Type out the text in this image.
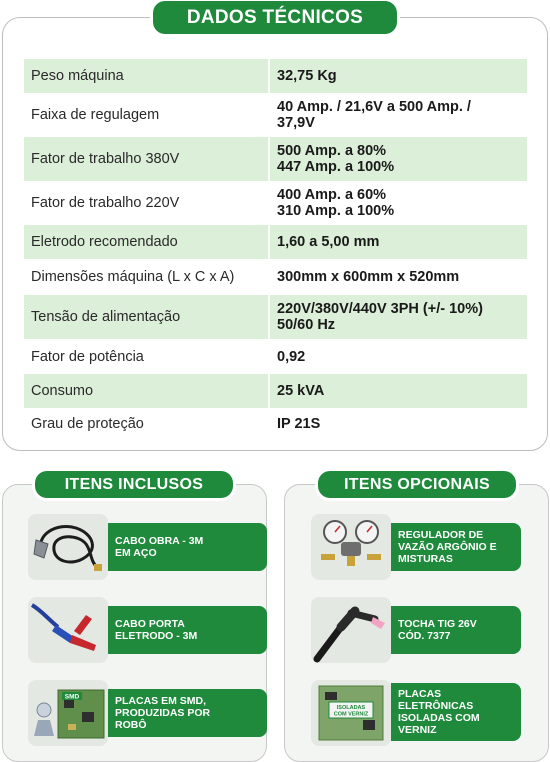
DADOS TÉCNICOS
Peso máquina	32,75 Kg
Faixa de regulagem	40 Amp. / 21,6V a 500 Amp. /
37,9V

Fator de trabalho 380V	500 Amp. a 80%
447 Amp. a 100%

Fator de trabalho 220V	400 Amp. a 60%
310 Amp. a 100%

Eletrodo recomendado	1,60 a 5,00 mm
Dimensões máquina (L x C x A)	300mm x 600mm x 520mm
Tensão de alimentação	220V/380V/440V 3PH (+/- 10%)
50/60 Hz

Fator de potência	0,92
Consumo	25 kVA
Grau de proteção	IP 21S
ITENS INCLUSOS
CABO OBRA - 3M
EM AÇO
CABO PORTA
ELETRODO - 3M
SMD	PLACAS EM SMD,
PRODUZIDAS POR
ROBÔ
ITENS OPCIONAIS
REGULADOR DE
VAZÃO ARGÔNIO E
MISTURAS
TOCHA TIG 26V
CÓD. 7377
ISOLADAS
COM VERNIZ
PLACAS
ELETRÔNICAS
ISOLADAS COM
VERNIZ
